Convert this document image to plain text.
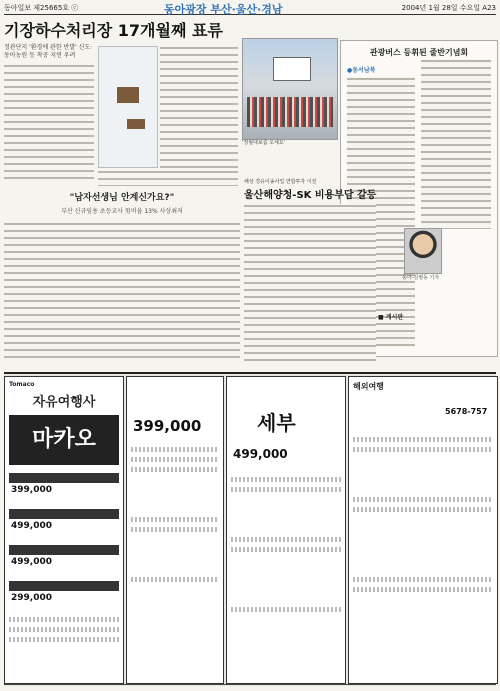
동아일보 제25665호 ⓒ	동아광장 부산·울산·경남	2004년 1월 28일 수요일 A23
기장하수처리장 17개월째 표류
정관단지 '환경에 관한 반발' 신도·동아농원 등 착공 지연 우려
'정월대보름 오세요'
관광버스 등휘된 줄반기념회
●동서남북
동아-김병동 기자
"남자선생님 안계신가요?"
부산 신규임용 초등교사 男비율 13% 사상최저
해상 경유이송사업 연합투자 이전
울산해양청-SK 비용부담 갈등
■ 게시판
Tomaco
자유여행사
마카오
399,000
499,000
499,000
299,000
399,000	세부
499,000
해외여행
5678-757
